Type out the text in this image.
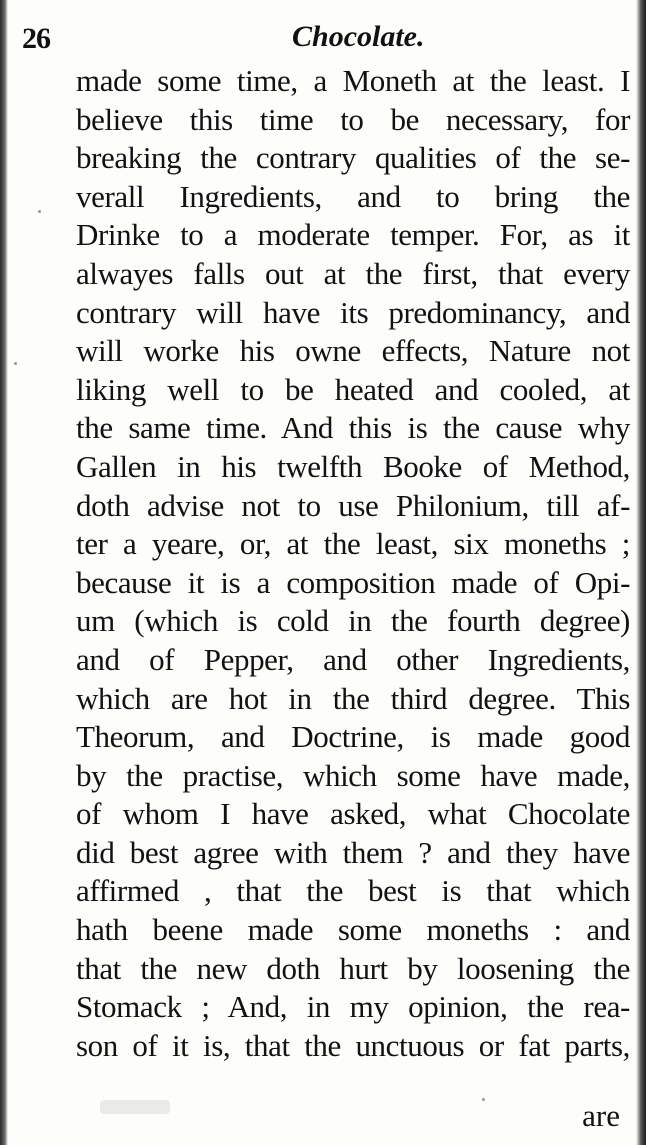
26	Chocolate.
made some time, a Moneth at the least. I
believe this time to be necessary, for
breaking the contrary qualities of the se-
verall Ingredients, and to bring the
Drinke to a moderate temper. For, as it
alwayes falls out at the first, that every
contrary will have its predominancy, and
will worke his owne effects, Nature not
liking well to be heated and cooled, at
the same time. And this is the cause why
Gallen in his twelfth Booke of Method,
doth advise not to use Philonium, till af-
ter a yeare, or, at the least, six moneths ;
because it is a composition made of Opi-
um (which is cold in the fourth degree)
and of Pepper, and other Ingredients,
which are hot in the third degree. This
Theorum, and Doctrine, is made good
by the practise, which some have made,
of whom I have asked, what Chocolate
did best agree with them ? and they have
affirmed , that the best is that which
hath beene made some moneths : and
that the new doth hurt by loosening the
Stomack ; And, in my opinion, the rea-
son of it is, that the unctuous or fat parts,
are
